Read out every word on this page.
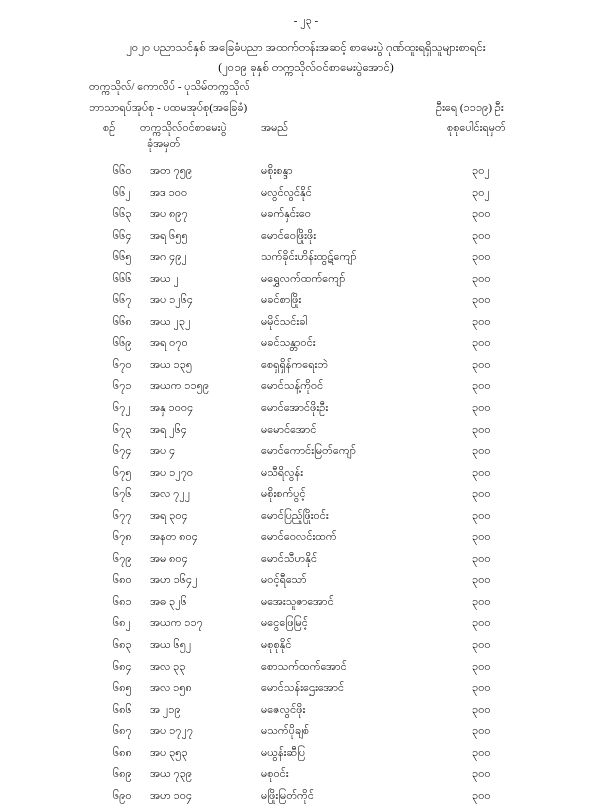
- ၂၃ -
၂၀၂၀ ပညာသင်နှစ် အခြေခံပညာ အထက်တန်းအဆင့် စာမေးပွဲ ဂုဏ်ထူးရရှိသူများစာရင်း
(၂၀၁၉ ခုနှစ် တက္ကသိုလ်ဝင်စာမေးပွဲအောင်)
တက္ကသိုလ်/ ကောလိပ် - ပုသိမ်တက္ကသိုလ်
ဘာသာရပ်အုပ်စု - ပထမအုပ်စု(အခြေခံ)	ဦးရေ (၁၁၁၉) ဦး
စဉ် တက္ကသိုလ်ဝင်စာမေးပွဲ
ခုံအမှတ်
အမည်	စုစုပေါင်းရမှတ်
၆၆၀ အတ ၇၅၉	မစိုးစန္ဒာ	၃၀၂
၆၆၂ အဒ ၁၀၀	မလွင်လွင်နိုင်	၃၀၂
၆၆၃ အပ ၈၉၇	မခက်နှင်းဝေ	၃၀၀
၆၆၄ အရ ၆၅၅	မောင်ဝေဖြိုးဖိုး	၃၀၀
၆၆၅ အဂ ၄၉၂	သက်ခိုင်းဟိန်းထွဋ်ကျော်	၃၀၀
၆၆၆ အယ ၂	မရွှေလက်ထက်ကျော်	၃၀၀
၆၆၇ အပ ၁၂၆၄	မခင်စာဖြိုး	၃၀၀
၆၆၈ အယ ၂၃၂	မမိုင်သင်းခါ	၃၀၀
၆၆၉ အရ ၀၇၀	မခင်သန္တာဝင်း	၃၀၀
၆၇၀ အယ ၁၃၅	စေရှရှိန်ကရေးဘဲ	၃၀၀
၆၇၁ အယက ၁၁၅၉	မောင်သန့်ကိုဝင်	၃၀၀
၆၇၂ အနှ ၁၀၀၄	မောင်အောင်ဖိုးဦး	၃၀၀
၆၇၃ အရ ၂၆၄	မမောင်အောင်	၃၀၀
၆၇၄ အပ ၄	မောင်ကောင်းမြတ်ကျော်	၃၀၀
၆၇၅ အပ ၁၂၇၀	မသီရိလွန်း	၃၀၀
၆၇၆ အလ ၇၂၂	မစိုးစက်ပွင့်	၃၀၀
၆၇၇ အရ ၃၀၄	မောင်ပြည့်ဖြိုးဝင်း	၃၀၀
၆၇၈ အနတ ၈၀၄	မောင်ဝေလင်းထက်	၃၀၀
၆၇၉ အမ ၈၀၄	မောင်သီဟနိုင်	၃၀၀
၆၈၀ အဟ ၁၆၄၂	မဝင့်ရီသော်	၃၀၀
၆၈၁ အဓ ၃၂၆	မအေးသူဇာအောင်	၃၀၀
၆၈၂ အယက ၁၁၇	မငွေဖြေမြင့်	၃၀၀
၆၈၃ အယ ၆၅၂	မစုစုနိုင်	၃၀၀
၆၈၄ အလ ၃၃	စောသက်ထက်အောင်	၃၀၀
၆၈၅ အလ ၁၅၈	မောင်သန်းဌေးအောင်	၃၀၀
၆၈၆ အ ၂၁၉	မဇေလွင်ဖိုး	၃၀၀
၆၈၇ အပ ၁၇၂၇	မသက်ပိုချစ်	၃၀၀
၆၈၈ အပ ၃၅၃	မယွန်းဆီပြ	၃၀၀
၆၈၉ အယ ၇၃၉	မစုဝင်း	၃၀၀
၆၉၀ အဟ ၁၀၄	မဖြိုးမြတ်ကိုင်	၃၀၀
